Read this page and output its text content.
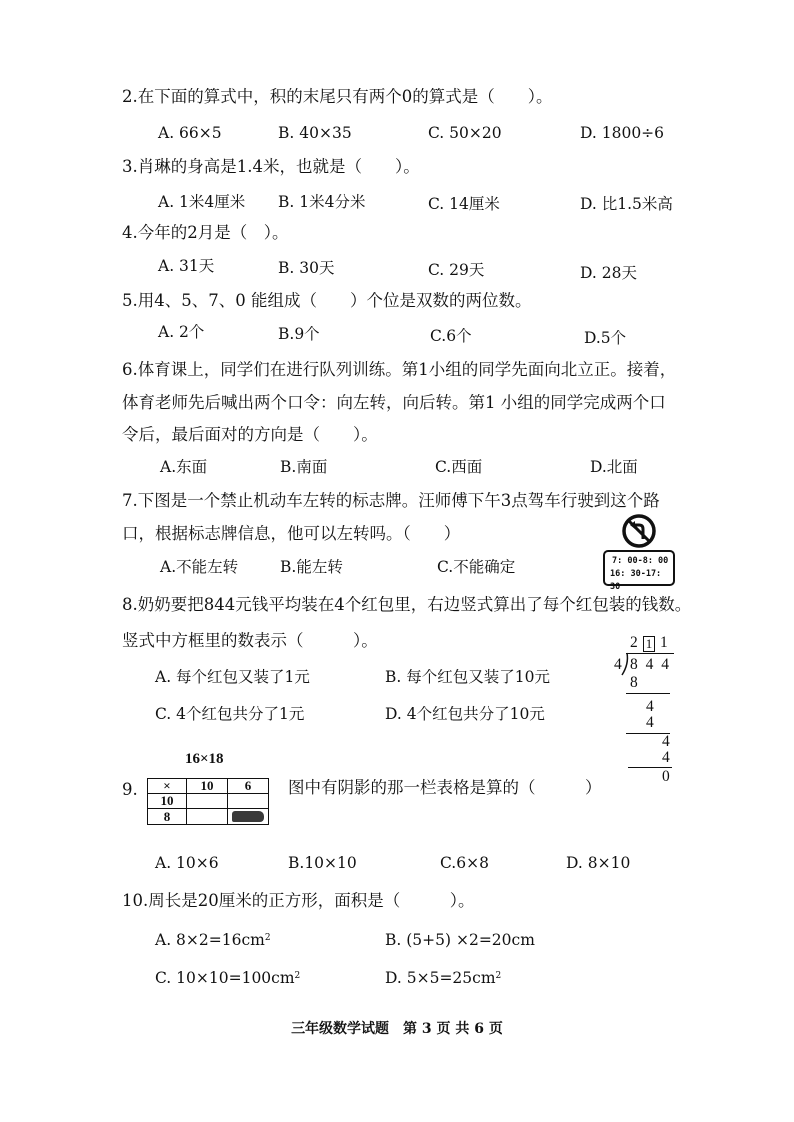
2.在下面的算式中，积的末尾只有两个0的算式是（　　）。
A. 66×5	B. 40×35	C. 50×20	D. 1800÷6
3.肖琳的身高是1.4米，也就是（　　）。
A. 1米4厘米 B. 1米4分米	C. 14厘米	D. 比1.5米高
4.今年的2月是（　）。
A. 31天	B. 30天	C. 29天	D. 28天
5.用4、5、7、0 能组成（　　）个位是双数的两位数。
A. 2个	B.9个	C.6个	D.5个
6.体育课上，同学们在进行队列训练。第1小组的同学先面向北立正。接着，
体育老师先后喊出两个口令：向左转，向后转。第1 小组的同学完成两个口
令后，最后面对的方向是（　　）。
A.东面	B.南面	C.西面	D.北面
7.下图是一个禁止机动车左转的标志牌。汪师傅下午3点驾车行驶到这个路
口，根据标志牌信息，他可以左转吗。（　　）
A.不能左转	B.能左转	C.不能确定	7: 00-8: 00
16: 30-17: 30
8.奶奶要把844元钱平均装在4个红包里，右边竖式算出了每个红包装的钱数。
竖式中方框里的数表示（　　　）。
A. 每个红包又装了1元	B. 每个红包又装了10元
C. 4个红包共分了1元	D. 4个红包共分了10元
2 1 1
4 8 4 4
8
4
4
4
4
0
16×18
9. ×	10	6
10		
8		
图中有阴影的那一栏表格是算的（　　　）
A. 10×6	B.10×10	C.6×8	D. 8×10
10.周长是20厘米的正方形，面积是（　　　）。
A. $8\times 2=16cm^2$	B. (5+5) ×2=20cm
C. $10\times 10=100cm^2$	D. $5\times 5=25cm^2$
三年级数学试题　第 3 页 共 6 页
